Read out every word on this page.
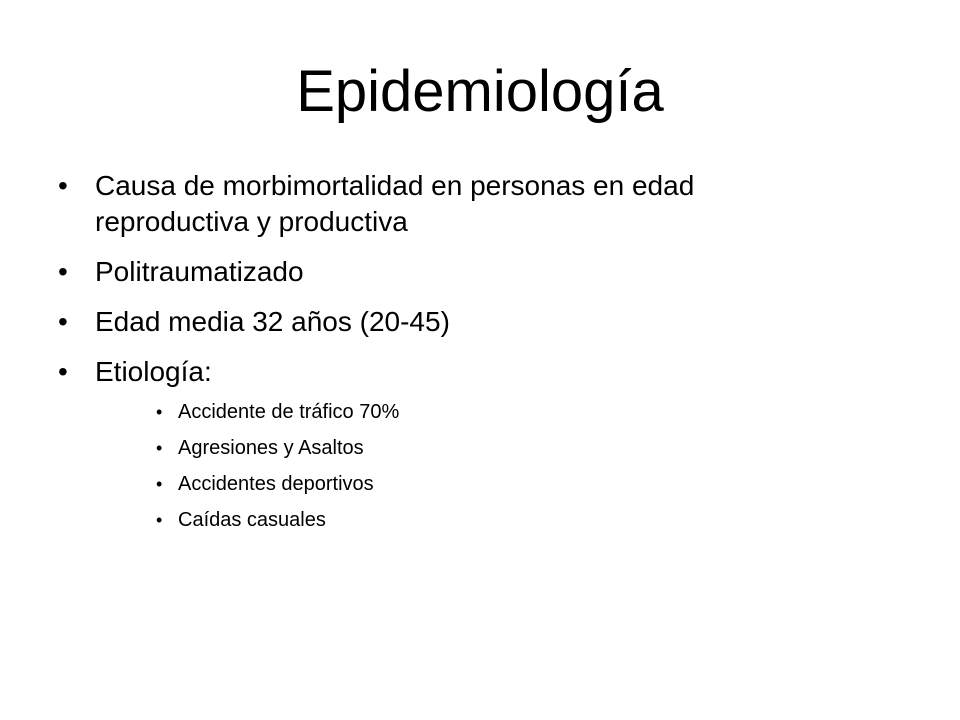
Epidemiología
• Causa de morbimortalidad en personas en edad reproductiva y productiva
• Politraumatizado
• Edad media 32 años (20-45)
• Etiología:
• Accidente de tráfico 70%
• Agresiones y Asaltos
• Accidentes deportivos
• Caídas casuales
